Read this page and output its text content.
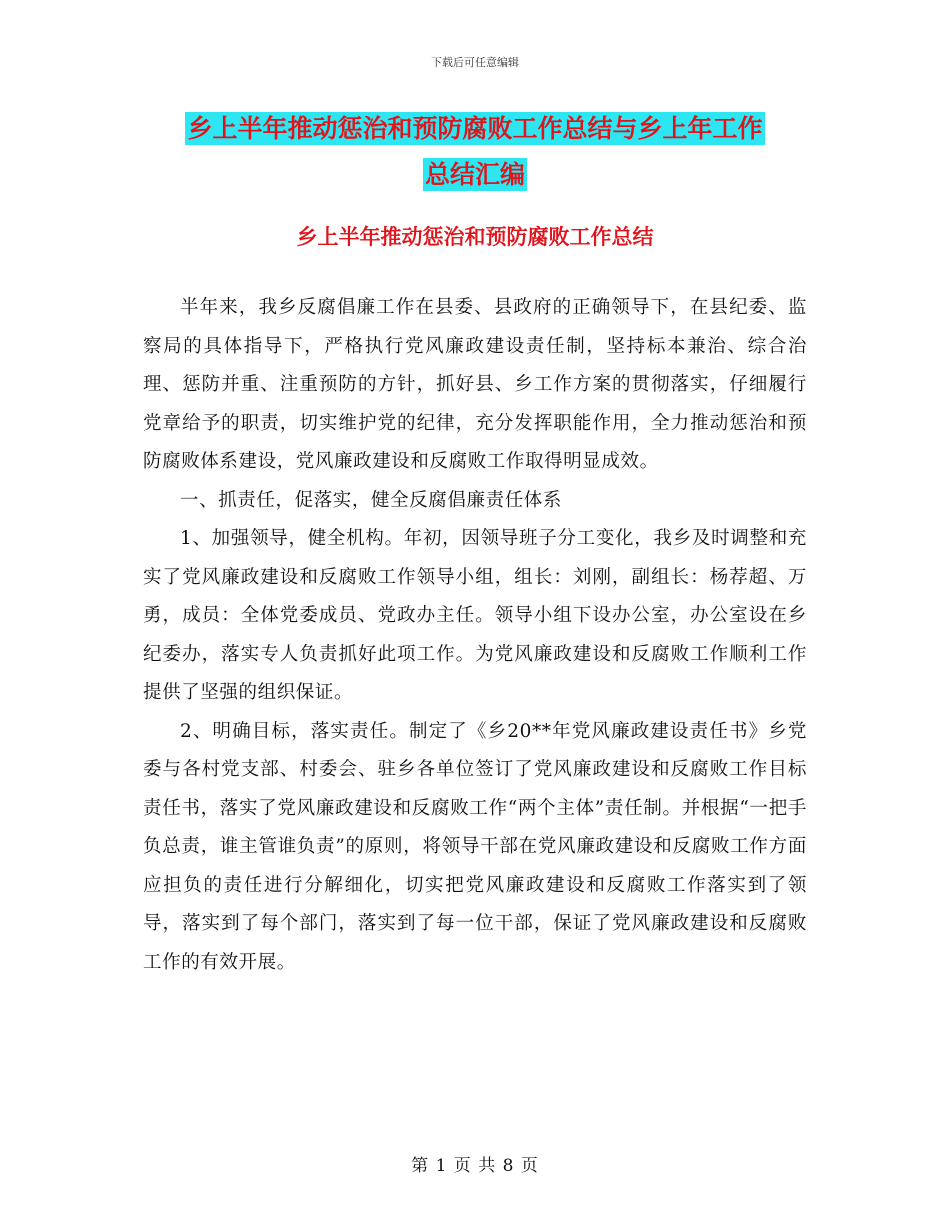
下载后可任意编辑
乡上半年推动惩治和预防腐败工作总结与乡上年工作
总结汇编
乡上半年推动惩治和预防腐败工作总结

半年来，我乡反腐倡廉工作在县委、县政府的正确领导下，在县纪委、监察局的具体指导下，严格执行党风廉政建设责任制，坚持标本兼治、综合治理、惩防并重、注重预防的方针，抓好县、乡工作方案的贯彻落实，仔细履行党章给予的职责，切实维护党的纪律，充分发挥职能作用，全力推动惩治和预防腐败体系建设，党风廉政建设和反腐败工作取得明显成效。

一、抓责任，促落实，健全反腐倡廉责任体系

1、加强领导，健全机构。年初，因领导班子分工变化，我乡及时调整和充实了党风廉政建设和反腐败工作领导小组，组长：刘刚，副组长：杨荐超、万勇，成员：全体党委成员、党政办主任。领导小组下设办公室，办公室设在乡纪委办，落实专人负责抓好此项工作。为党风廉政建设和反腐败工作顺利工作提供了坚强的组织保证。

2、明确目标，落实责任。制定了《乡20**年党风廉政建设责任书》乡党委与各村党支部、村委会、驻乡各单位签订了党风廉政建设和反腐败工作目标责任书，落实了党风廉政建设和反腐败工作“两个主体”责任制。并根据“一把手负总责，谁主管谁负责”的原则，将领导干部在党风廉政建设和反腐败工作方面应担负的责任进行分解细化，切实把党风廉政建设和反腐败工作落实到了领导，落实到了每个部门，落实到了每一位干部，保证了党风廉政建设和反腐败工作的有效开展。

第 1 页 共 8 页
